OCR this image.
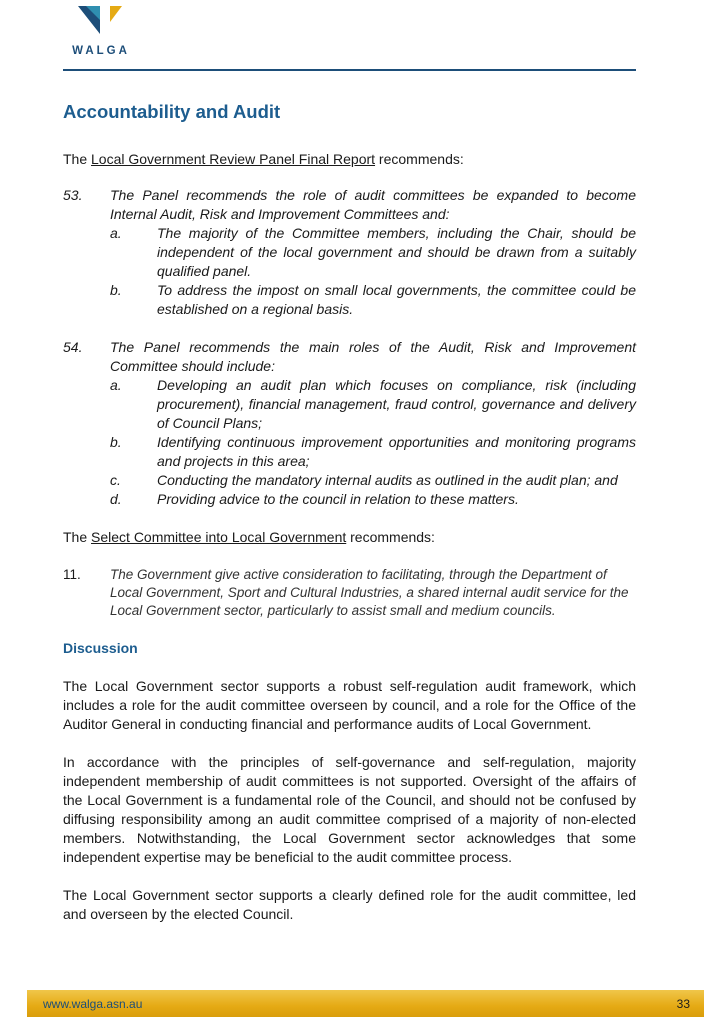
WALGA
Accountability and Audit

The Local Government Review Panel Final Report recommends:

53.	The Panel recommends the role of audit committees be expanded to become Internal Audit, Risk and Improvement Committees and:
a.	The majority of the Committee members, including the Chair, should be independent of the local government and should be drawn from a suitably qualified panel.
b.	To address the impost on small local governments, the committee could be established on a regional basis.
54.	The Panel recommends the main roles of the Audit, Risk and Improvement Committee should include:
a.	Developing an audit plan which focuses on compliance, risk (including procurement), financial management, fraud control, governance and delivery of Council Plans;
b.	Identifying continuous improvement opportunities and monitoring programs and projects in this area;
c.	Conducting the mandatory internal audits as outlined in the audit plan; and
d.	Providing advice to the council in relation to these matters.

The Select Committee into Local Government recommends:

11.	The Government give active consideration to facilitating, through the Department of Local Government, Sport and Cultural Industries, a shared internal audit service for the Local Government sector, particularly to assist small and medium councils.
Discussion

The Local Government sector supports a robust self-regulation audit framework, which includes a role for the audit committee overseen by council, and a role for the Office of the Auditor General in conducting financial and performance audits of Local Government.

In accordance with the principles of self-governance and self-regulation, majority independent membership of audit committees is not supported. Oversight of the affairs of the Local Government is a fundamental role of the Council, and should not be confused by diffusing responsibility among an audit committee comprised of a majority of non-elected members. Notwithstanding, the Local Government sector acknowledges that some independent expertise may be beneficial to the audit committee process.

The Local Government sector supports a clearly defined role for the audit committee, led and overseen by the elected Council.

www.walga.asn.au	33
